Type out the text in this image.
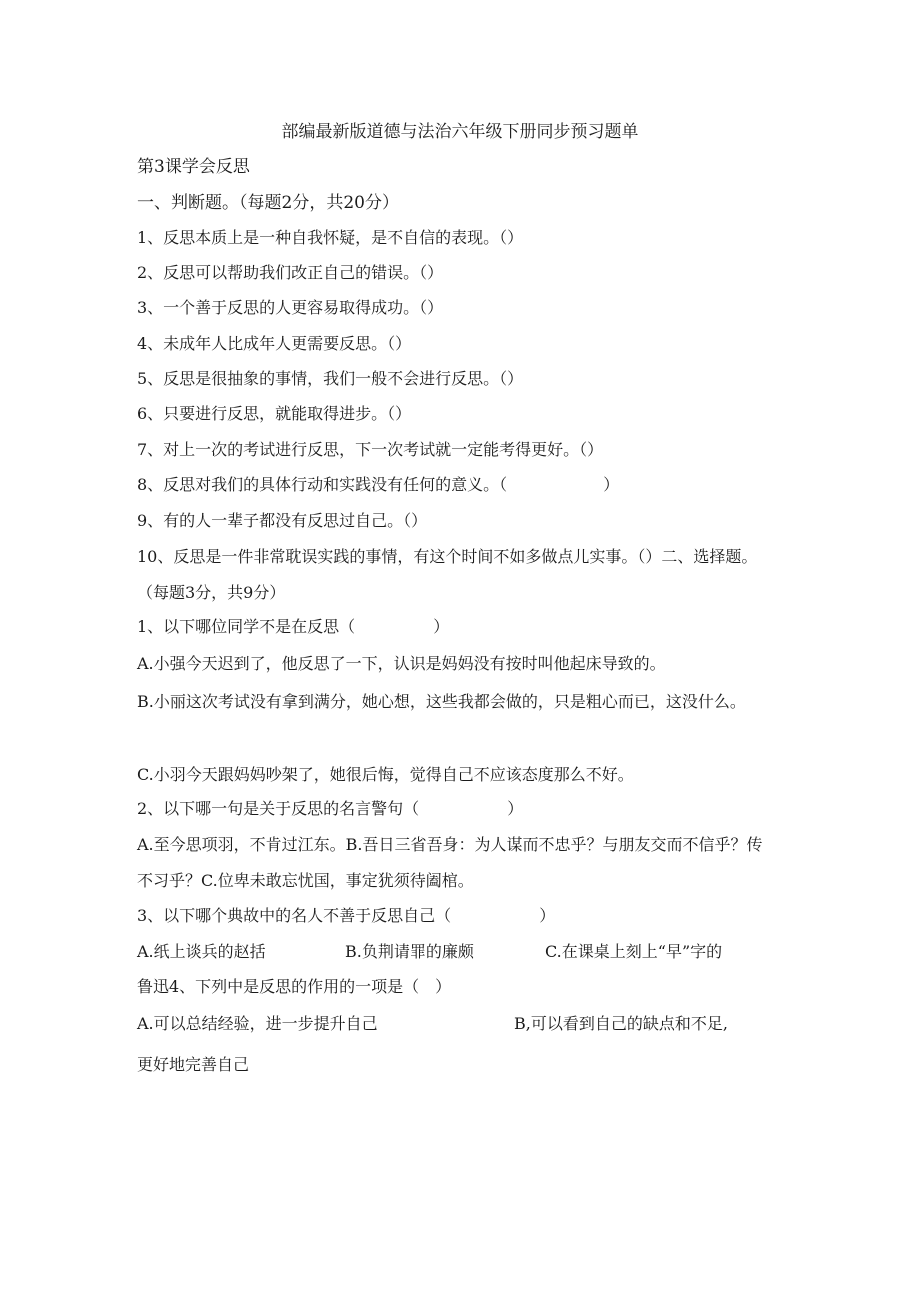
部编最新版道德与法治六年级下册同步预习题单
第3课学会反思
一、判断题。（每题2分，共20分）
1、反思本质上是一种自我怀疑，是不自信的表现。（）
2、反思可以帮助我们改正自己的错误。（）
3、一个善于反思的人更容易取得成功。（）
4、未成年人比成年人更需要反思。（）
5、反思是很抽象的事情，我们一般不会进行反思。（）
6、只要进行反思，就能取得进步。（）
7、对上一次的考试进行反思，下一次考试就一定能考得更好。（）
8、反思对我们的具体行动和实践没有任何的意义。（	）
9、有的人一辈子都没有反思过自己。（）
10、反思是一件非常耽误实践的事情，有这个时间不如多做点儿实事。（）二、选择题。（每题3分，共9分）
1、以下哪位同学不是在反思（	）
A.小强今天迟到了，他反思了一下，认识是妈妈没有按时叫他起床导致的。
B.小丽这次考试没有拿到满分，她心想，这些我都会做的，只是粗心而已，这没什么。
C.小羽今天跟妈妈吵架了，她很后悔，觉得自己不应该态度那么不好。
2、以下哪一句是关于反思的名言警句（	）
A.至今思项羽，不肯过江东。B.吾日三省吾身：为人谋而不忠乎？与朋友交而不信乎？传不习乎？C.位卑未敢忘忧国，事定犹须待阖棺。
3、以下哪个典故中的名人不善于反思自己（	）
A.纸上谈兵的赵括	B.负荆请罪的廉颇	C.在课桌上刻上“早”字的
鲁迅4、下列中是反思的作用的一项是（　）
A.可以总结经验，进一步提升自己	B,可以看到自己的缺点和不足,
更好地完善自己
